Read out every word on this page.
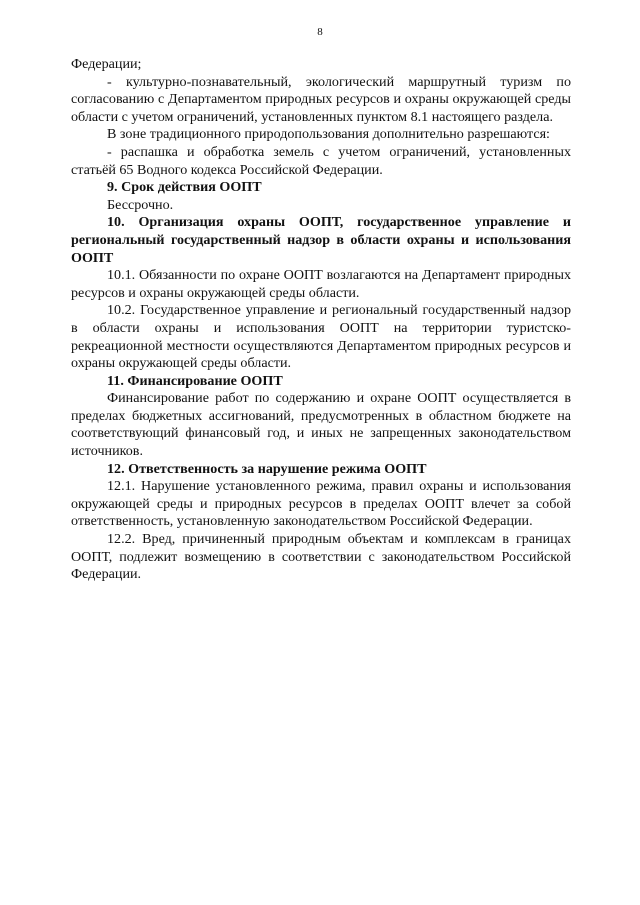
8

Федерации;

- культурно-познавательный, экологический маршрутный туризм по согласованию с Департаментом природных ресурсов и охраны окружающей среды области с учетом ограничений, установленных пунктом 8.1 настоящего раздела.

В зоне традиционного природопользования дополнительно разрешаются:

- распашка и обработка земель с учетом ограничений, установленных статьёй 65 Водного кодекса Российской Федерации.

9. Срок действия ООПТ

Бессрочно.

10. Организация охраны ООПТ, государственное управление и региональный государственный надзор в области охраны и использования ООПТ

10.1. Обязанности по охране ООПТ возлагаются на Департамент природных ресурсов и охраны окружающей среды области.

10.2. Государственное управление и региональный государственный надзор в области охраны и использования ООПТ на территории туристско-рекреационной местности осуществляются Департаментом природных ресурсов и охраны окружающей среды области.

11. Финансирование ООПТ

Финансирование работ по содержанию и охране ООПТ осуществляется в пределах бюджетных ассигнований, предусмотренных в областном бюджете на соответствующий финансовый год, и иных не запрещенных законодательством источников.

12. Ответственность за нарушение режима ООПТ

12.1. Нарушение установленного режима, правил охраны и использования окружающей среды и природных ресурсов в пределах ООПТ влечет за собой ответственность, установленную законодательством Российской Федерации.

12.2. Вред, причиненный природным объектам и комплексам в границах ООПТ, подлежит возмещению в соответствии с законодательством Российской Федерации.
